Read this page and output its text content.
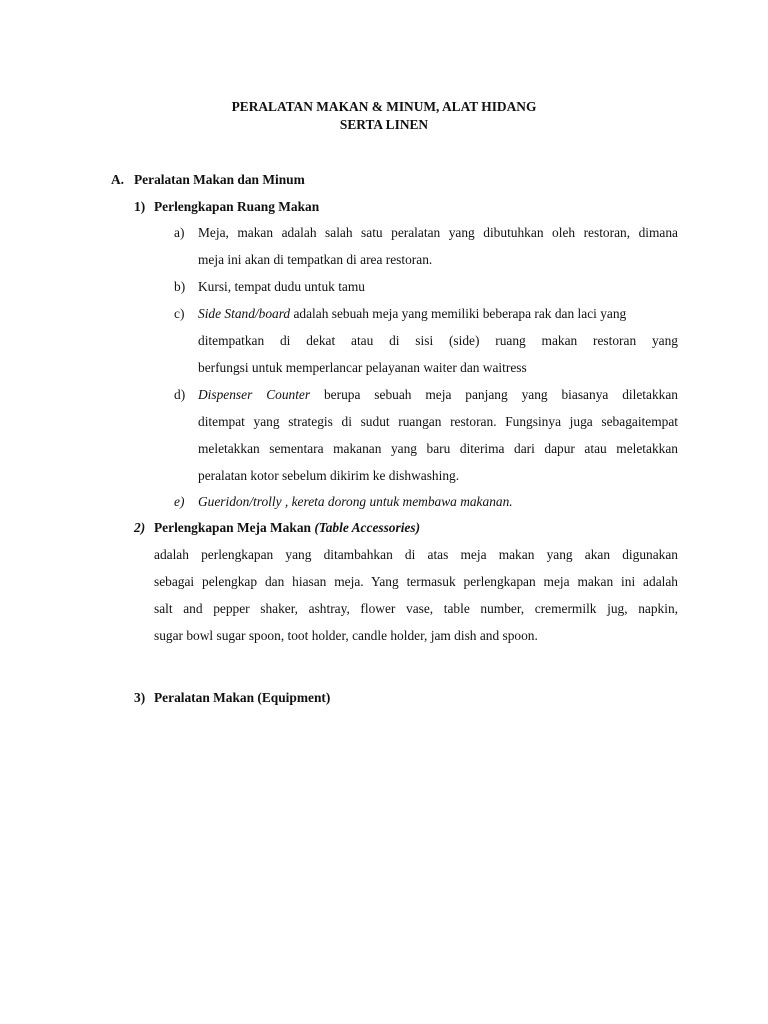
PERALATAN MAKAN & MINUM, ALAT HIDANG
SERTA LINEN
A. Peralatan Makan dan Minum
1) Perlengkapan Ruang Makan
a) Meja, makan adalah salah satu peralatan yang dibutuhkan oleh restoran, dimana
meja ini akan di tempatkan di area restoran.
b) Kursi, tempat dudu untuk tamu
c) Side Stand/board adalah sebuah meja yang memiliki beberapa rak dan laci yang
ditempatkan di dekat atau di sisi (side) ruang makan restoran yang
berfungsi untuk memperlancar pelayanan waiter dan waitress
d) Dispenser Counter berupa sebuah meja panjang yang biasanya diletakkan
ditempat yang strategis di sudut ruangan restoran. Fungsinya juga sebagaitempat
meletakkan sementara makanan yang baru diterima dari dapur atau meletakkan
peralatan kotor sebelum dikirim ke dishwashing.
e) Gueridon/trolly , kereta dorong untuk membawa makanan.
2) Perlengkapan Meja Makan (Table Accessories)
adalah perlengkapan yang ditambahkan di atas meja makan yang akan digunakan
sebagai pelengkap dan hiasan meja. Yang termasuk perlengkapan meja makan ini adalah
salt and pepper shaker, ashtray, flower vase, table number, cremermilk jug, napkin,
sugar bowl sugar spoon, toot holder, candle holder, jam dish and spoon.
3) Peralatan Makan (Equipment)
